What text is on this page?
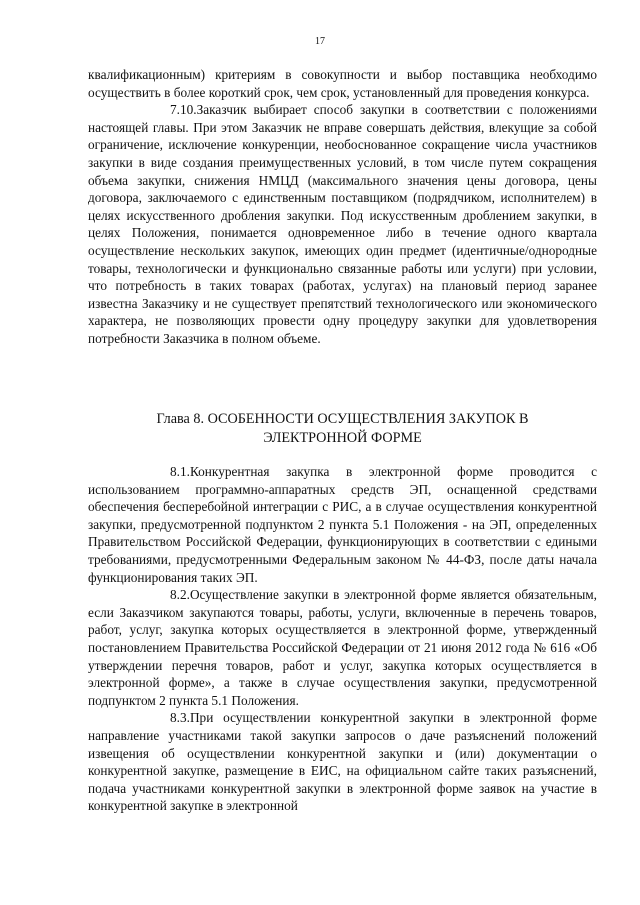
17

квалификационным) критериям в совокупности и выбор поставщика необходимо осуществить в более короткий срок, чем срок, установленный для проведения конкурса.

7.10.Заказчик выбирает способ закупки в соответствии с положениями настоящей главы. При этом Заказчик не вправе совершать действия, влекущие за собой ограничение, исключение конкуренции, необоснованное сокращение числа участников закупки в виде создания преимущественных условий, в том числе путем сокращения объема закупки, снижения НМЦД (максимального значения цены договора, цены договора, заключаемого с единственным поставщиком (подрядчиком, исполнителем) в целях искусственного дробления закупки. Под искусственным дроблением закупки, в целях Положения, понимается одновременное либо в течение одного квартала осуществление нескольких закупок, имеющих один предмет (идентичные/однородные товары, технологически и функционально связанные работы или услуги) при условии, что потребность в таких товарах (работах, услугах) на плановый период заранее известна Заказчику и не существует препятствий технологического или экономического характера, не позволяющих провести одну процедуру закупки для удовлетворения потребности Заказчика в полном объеме.

Глава 8. ОСОБЕННОСТИ ОСУЩЕСТВЛЕНИЯ ЗАКУПОК В
ЭЛЕКТРОННОЙ ФОРМЕ

8.1.Конкурентная закупка в электронной форме проводится с использованием программно-аппаратных средств ЭП, оснащенной средствами обеспечения бесперебойной интеграции с РИС, а в случае осуществления конкурентной закупки, предусмотренной подпунктом 2 пункта 5.1 Положения - на ЭП, определенных Правительством Российской Федерации, функционирующих в соответствии с едиными требованиями, предусмотренными Федеральным законом № 44-ФЗ, после даты начала функционирования таких ЭП.

8.2.Осуществление закупки в электронной форме является обязательным, если Заказчиком закупаются товары, работы, услуги, включенные в перечень товаров, работ, услуг, закупка которых осуществляется в электронной форме, утвержденный постановлением Правительства Российской Федерации от 21 июня 2012 года № 616 «Об утверждении перечня товаров, работ и услуг, закупка которых осуществляется в электронной форме», а также в случае осуществления закупки, предусмотренной подпунктом 2 пункта 5.1 Положения.

8.3.При осуществлении конкурентной закупки в электронной форме направление участниками такой закупки запросов о даче разъяснений положений извещения об осуществлении конкурентной закупки и (или) документации о конкурентной закупке, размещение в ЕИС, на официальном сайте таких разъяснений, подача участниками конкурентной закупки в электронной форме заявок на участие в конкурентной закупке в электронной
